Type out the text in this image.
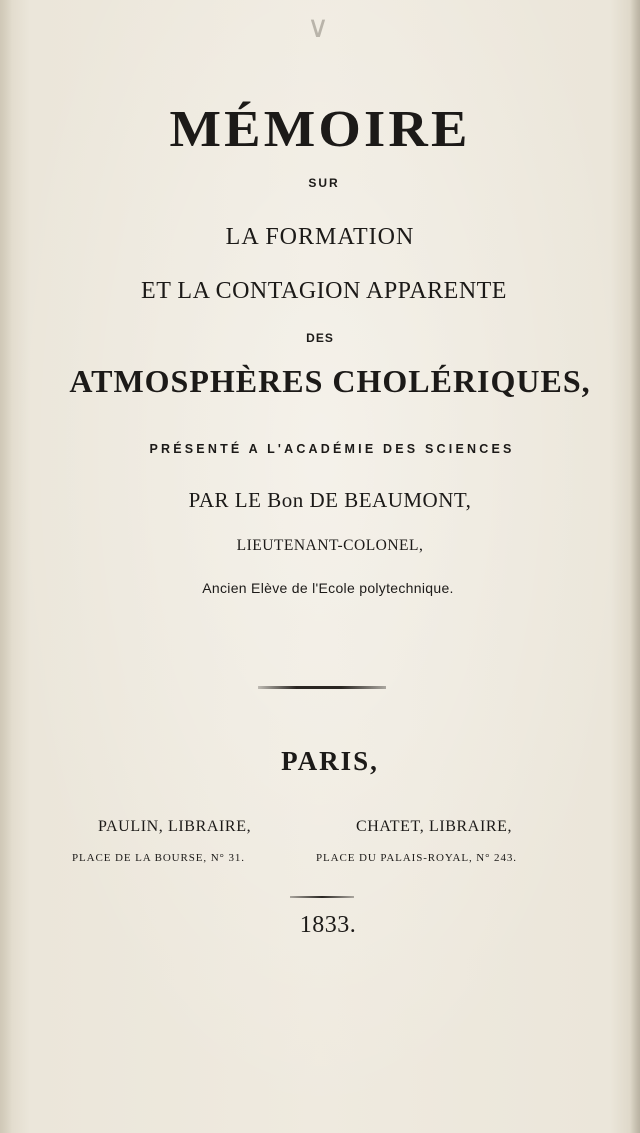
∨
MÉMOIRE
SUR
LA FORMATION
ET LA CONTAGION APPARENTE
DES
ATMOSPHÈRES CHOLÉRIQUES,
PRÉSENTÉ A L'ACADÉMIE DES SCIENCES
PAR LE Bon DE BEAUMONT,
LIEUTENANT-COLONEL,
Ancien Elève de l'Ecole polytechnique.
PARIS,
PAULIN, LIBRAIRE,	CHATET, LIBRAIRE,
PLACE DE LA BOURSE, N° 31.	PLACE DU PALAIS-ROYAL, N° 243.
1833.
